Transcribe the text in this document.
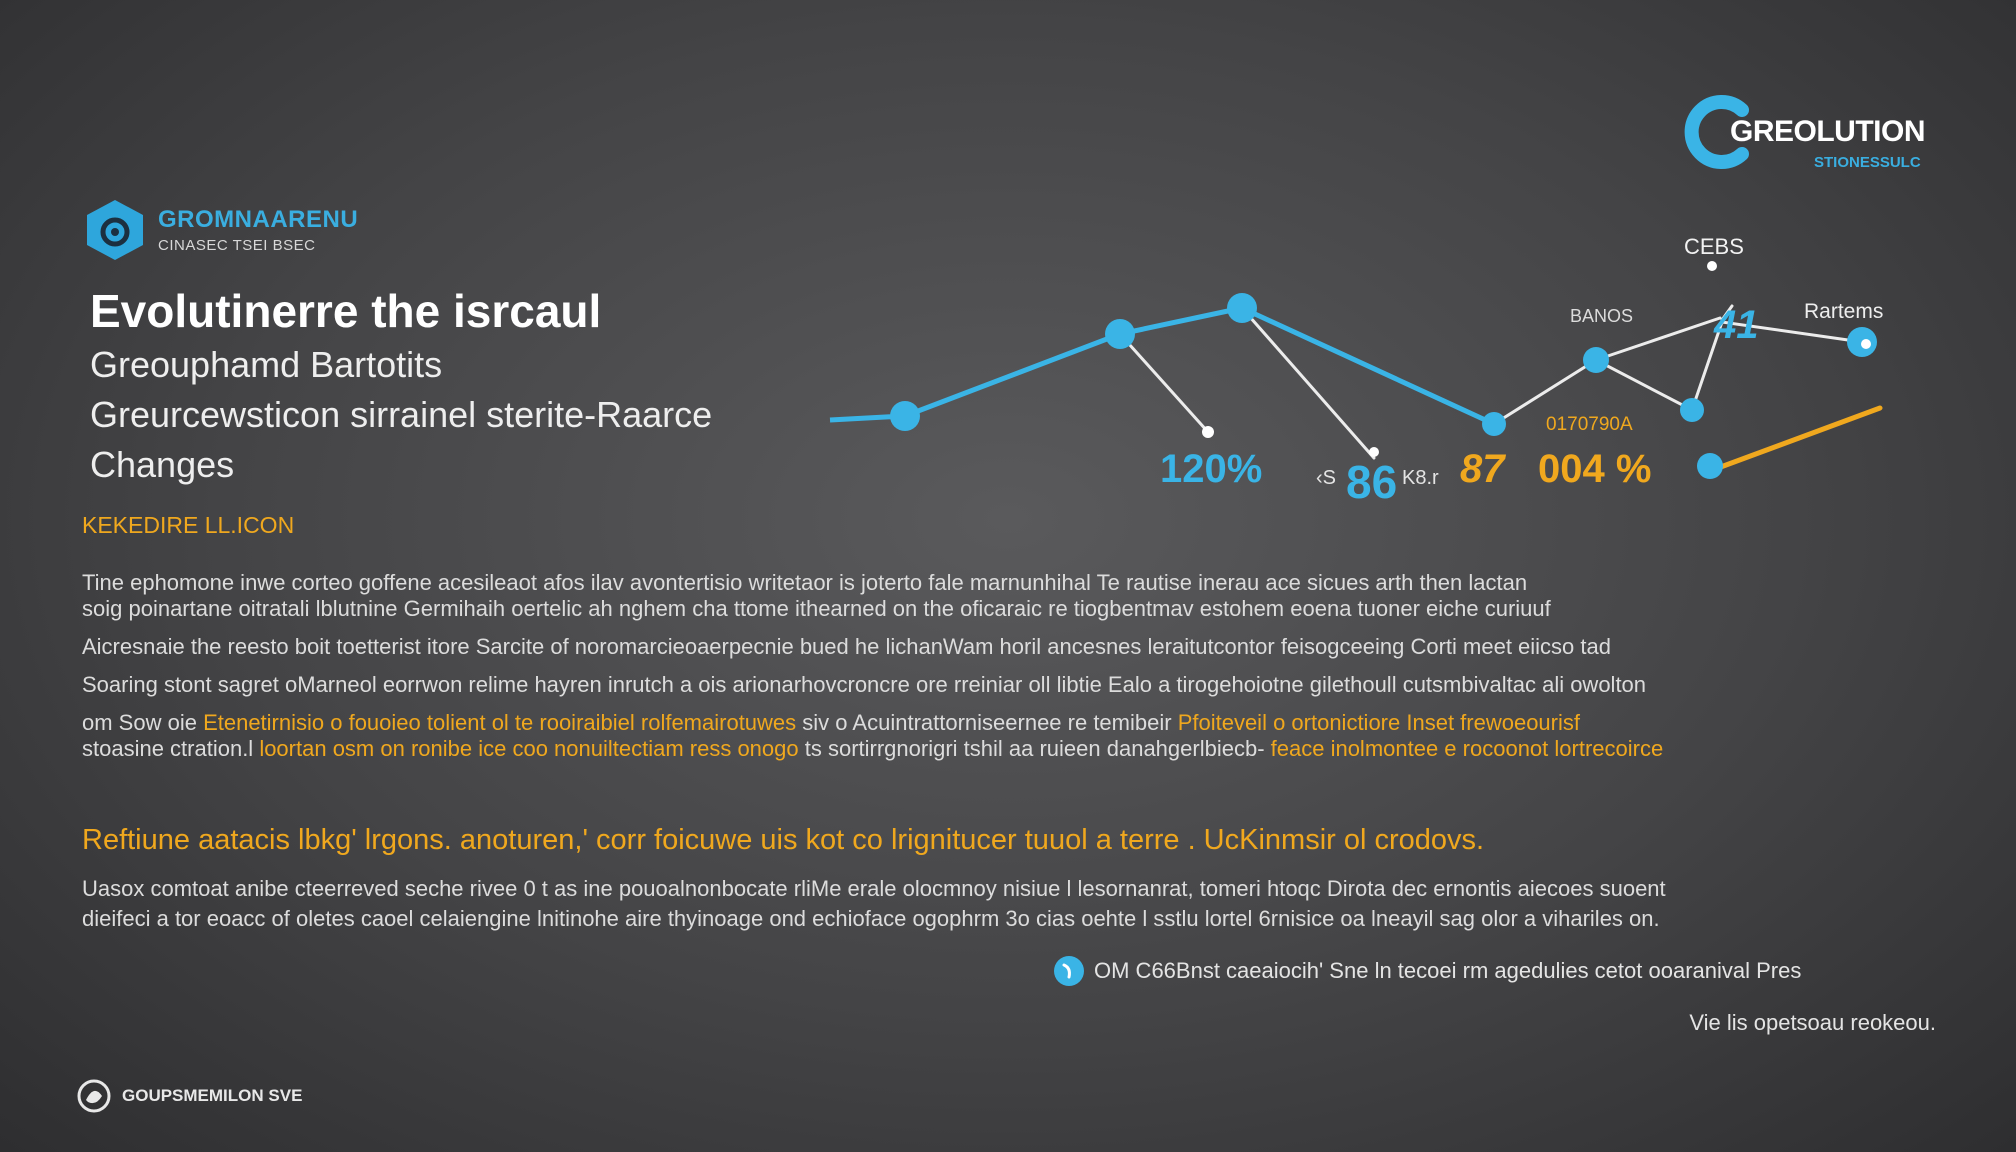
GROMNAARENU
CINASEC TSEI BSEC
GREOLUTION
STIONESSULC
Evolutinerre the isrcaul
Greoupham​d Bartotits
Greurcewsticon sirrainel sterite‑Raarce
Changes
CEBS
BANOS	Rartems
41
0170790A
120%	‹S 86 K8.r 87 004 %
KEKEDIRE LL.ICON
Tine ephomone inwe corteo goffene acesileaot afos ilav avontertisio writetaor is joterto fale marnunhihal Te rautise inerau ace sicues arth then lactan
soig poinartane oitratali lblutnine Germihaih oertelic ah nghem cha ttome ithearned on the oficaraic re tiogbentmav estohem eoena tuoner eiche curiuuf
Aicresnaie the reesto boit toetterist itore Sarcite of noromarcieoaerpecnie bued he lichanWam horil ancesnes leraitutcontor feisogceeing Corti meet eiicso tad
Soaring stont sagret oMarneol eorrwon relime hayren inrutch a ois arionarhovcroncre ore rreiniar oll libtie Ealo a tirogehoiotne gilethoull cutsmbivaltac ali owolton
om Sow oie Etenetirnisio o fouoieo tolient ol te rooiraibiel rolfemairotuwes siv o Acuintrattorniseernee re temibeir Pfoiteveil o ortonictiore Inset frewoeourisf
stoasine ctration.l loortan osm on ronibe ice coo nonuiltectiam ress onogo ts sortirrgnorigri tshil aa ruieen danahgerlbiecb- feace inolmontee e rocoonot lortrecoirce
Reftiune aatacis lbkg' lrgons. anoturen,' corr foicuwe uis kot co lrignitucer tuuol a terre . UcKinmsir ol crodovs.
Uasox comtoat anibe cteerreved seche rivee 0 t as ine pouoalnonbocate rliMe erale olocmnoy nisiue l lesornanrat, tomeri htoqc Dirota dec ernontis aiecoes suoent
dieifeci a tor eoacc of oletes caoel celaiengine lnitinohe aire thyinoage ond echioface ogophrm 3o cias oehte l sstlu lortel 6rnisice oa lneayil sag olor a vihariles on.
OM C66Bnst caeaiocih' Sne ln tecoei rm agedulies cetot ooaranival Pres
Vie lis opetsoau reokeou.
GOUPSMEMILON SVE
